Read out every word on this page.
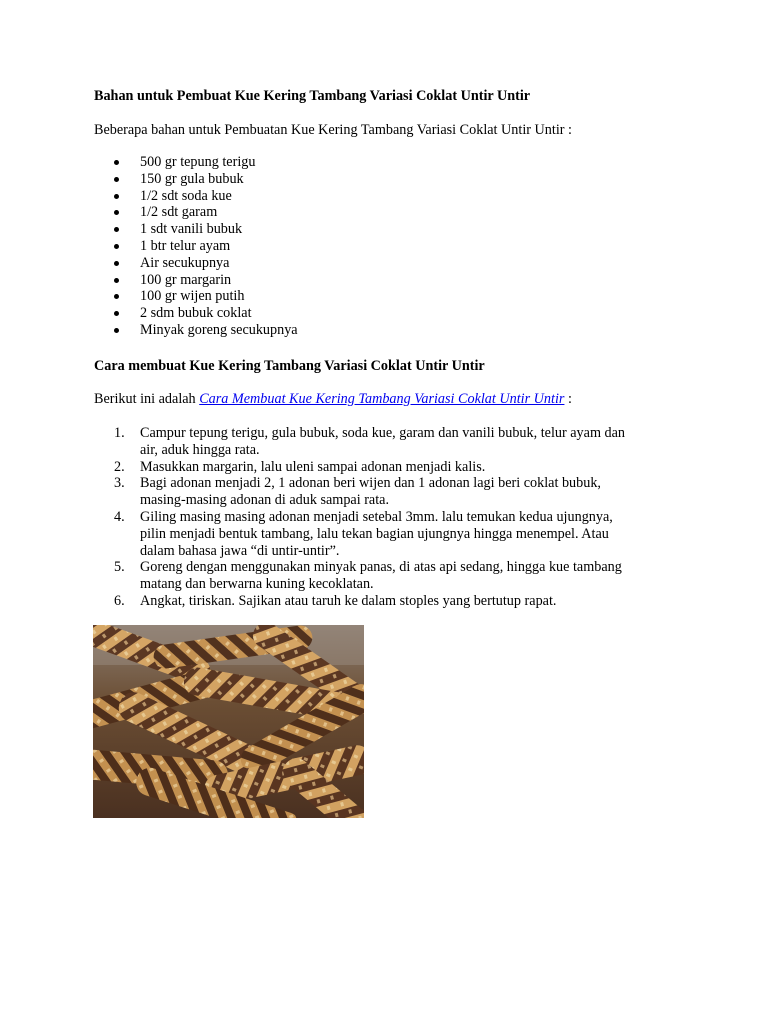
Bahan untuk Pembuat Kue Kering Tambang Variasi Coklat Untir Untir
Beberapa bahan untuk Pembuatan Kue Kering Tambang Variasi Coklat Untir Untir :
500 gr tepung terigu
150 gr gula bubuk
1/2 sdt soda kue
1/2 sdt garam
1 sdt vanili bubuk
1 btr telur ayam
Air secukupnya
100 gr margarin
100 gr wijen putih
2 sdm bubuk coklat
Minyak goreng secukupnya
Cara membuat Kue Kering Tambang Variasi Coklat Untir Untir
Berikut ini adalah Cara Membuat Kue Kering Tambang Variasi Coklat Untir Untir :
1. Campur tepung terigu, gula bubuk, soda kue, garam dan vanili bubuk, telur ayam dan
air, aduk hingga rata.
2. Masukkan margarin, lalu uleni sampai adonan menjadi kalis.
3. Bagi adonan menjadi 2, 1 adonan beri wijen dan 1 adonan lagi beri coklat bubuk,
masing-masing adonan di aduk sampai rata.
4. Giling masing masing adonan menjadi setebal 3mm. lalu temukan kedua ujungnya,
pilin menjadi bentuk tambang, lalu tekan bagian ujungnya hingga menempel. Atau
dalam bahasa jawa “di untir-untir”.
5. Goreng dengan menggunakan minyak panas, di atas api sedang, hingga kue tambang
matang dan berwarna kuning kecoklatan.
6. Angkat, tiriskan. Sajikan atau taruh ke dalam stoples yang bertutup rapat.
